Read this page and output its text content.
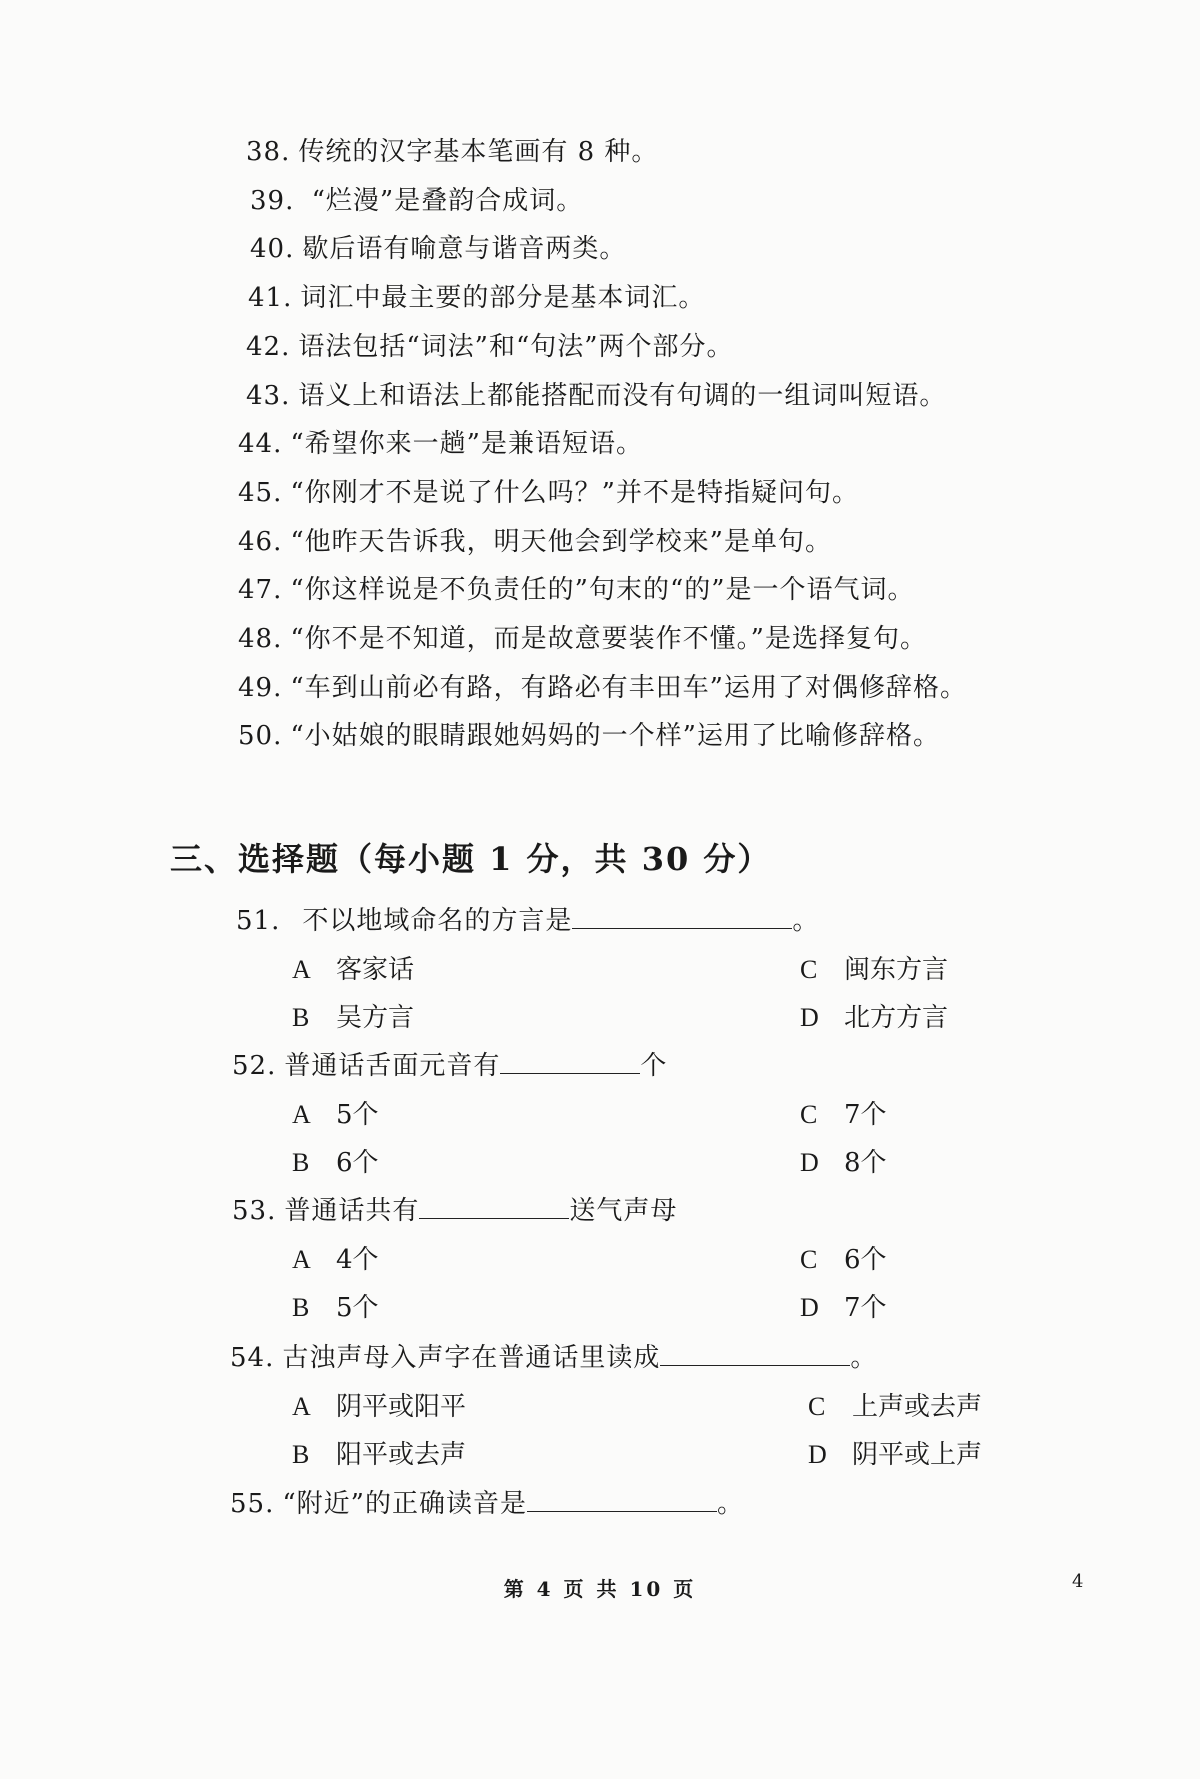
38. 传统的汉字基本笔画有 8 种。
39. “烂漫”是叠韵合成词。
40. 歇后语有喻意与谐音两类。
41. 词汇中最主要的部分是基本词汇。
42. 语法包括“词法”和“句法”两个部分。
43. 语义上和语法上都能搭配而没有句调的一组词叫短语。
44. “希望你来一趟”是兼语短语。
45. “你刚才不是说了什么吗？”并不是特指疑问句。
46. “他昨天告诉我，明天他会到学校来”是单句。
47. “你这样说是不负责任的”句末的“的”是一个语气词。
48. “你不是不知道，而是故意要装作不懂。”是选择复句。
49. “车到山前必有路，有路必有丰田车”运用了对偶修辞格。
50. “小姑娘的眼睛跟她妈妈的一个样”运用了比喻修辞格。
三、选择题（每小题 1 分，共 30 分）
51. 不以地域命名的方言是	。
A 客家话
B 吴方言
C 闽东方言
D 北方方言
52. 普通话舌面元音有	个
A 5个
B 6个
C 7个
D 8个
53. 普通话共有	送气声母
A 4个
B 5个
C 6个
D 7个
54. 古浊声母入声字在普通话里读成	。
A 阴平或阳平
B 阳平或去声
C 上声或去声
D 阴平或上声
55. “附近”的正确读音是	。
第 4 页 共 10 页	4
